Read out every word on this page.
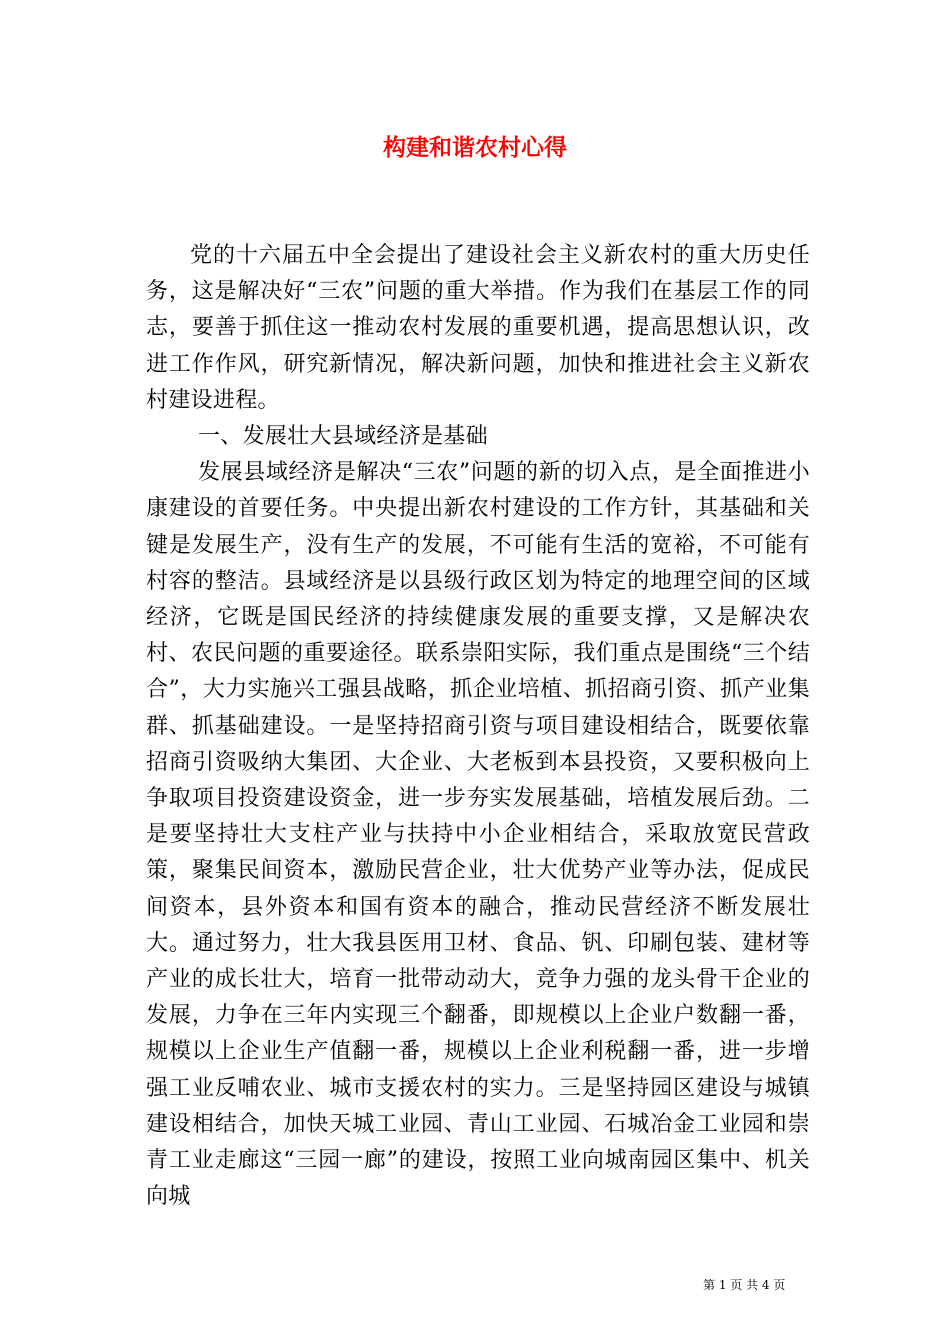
构建和谐农村心得

党的十六届五中全会提出了建设社会主义新农村的重大历史任务，这是解决好“三农”问题的重大举措。作为我们在基层工作的同志，要善于抓住这一推动农村发展的重要机遇，提高思想认识，改进工作作风，研究新情况，解决新问题，加快和推进社会主义新农村建设进程。

一、发展壮大县域经济是基础

发展县域经济是解决“三农”问题的新的切入点，是全面推进小康建设的首要任务。中央提出新农村建设的工作方针，其基础和关键是发展生产，没有生产的发展，不可能有生活的宽裕，不可能有村容的整洁。县域经济是以县级行政区划为特定的地理空间的区域经济，它既是国民经济的持续健康发展的重要支撑，又是解决农村、农民问题的重要途径。联系崇阳实际，我们重点是围绕“三个结合”，大力实施兴工强县战略，抓企业培植、抓招商引资、抓产业集群、抓基础建设。一是坚持招商引资与项目建设相结合，既要依靠招商引资吸纳大集团、大企业、大老板到本县投资，又要积极向上争取项目投资建设资金，进一步夯实发展基础，培植发展后劲。二是要坚持壮大支柱产业与扶持中小企业相结合，采取放宽民营政策，聚集民间资本，激励民营企业，壮大优势产业等办法，促成民间资本，县外资本和国有资本的融合，推动民营经济不断发展壮大。通过努力，壮大我县医用卫材、食品、钒、印刷包装、建材等产业的成长壮大，培育一批带动动大，竞争力强的龙头骨干企业的发展，力争在三年内实现三个翻番，即规模以上企业户数翻一番，规模以上企业生产值翻一番，规模以上企业利税翻一番，进一步增强工业反哺农业、城市支援农村的实力。三是坚持园区建设与城镇建设相结合，加快天城工业园、青山工业园、石城冶金工业园和崇青工业走廊这“三园一廊”的建设，按照工业向城南园区集中、机关向城

第 1 页 共 4 页
